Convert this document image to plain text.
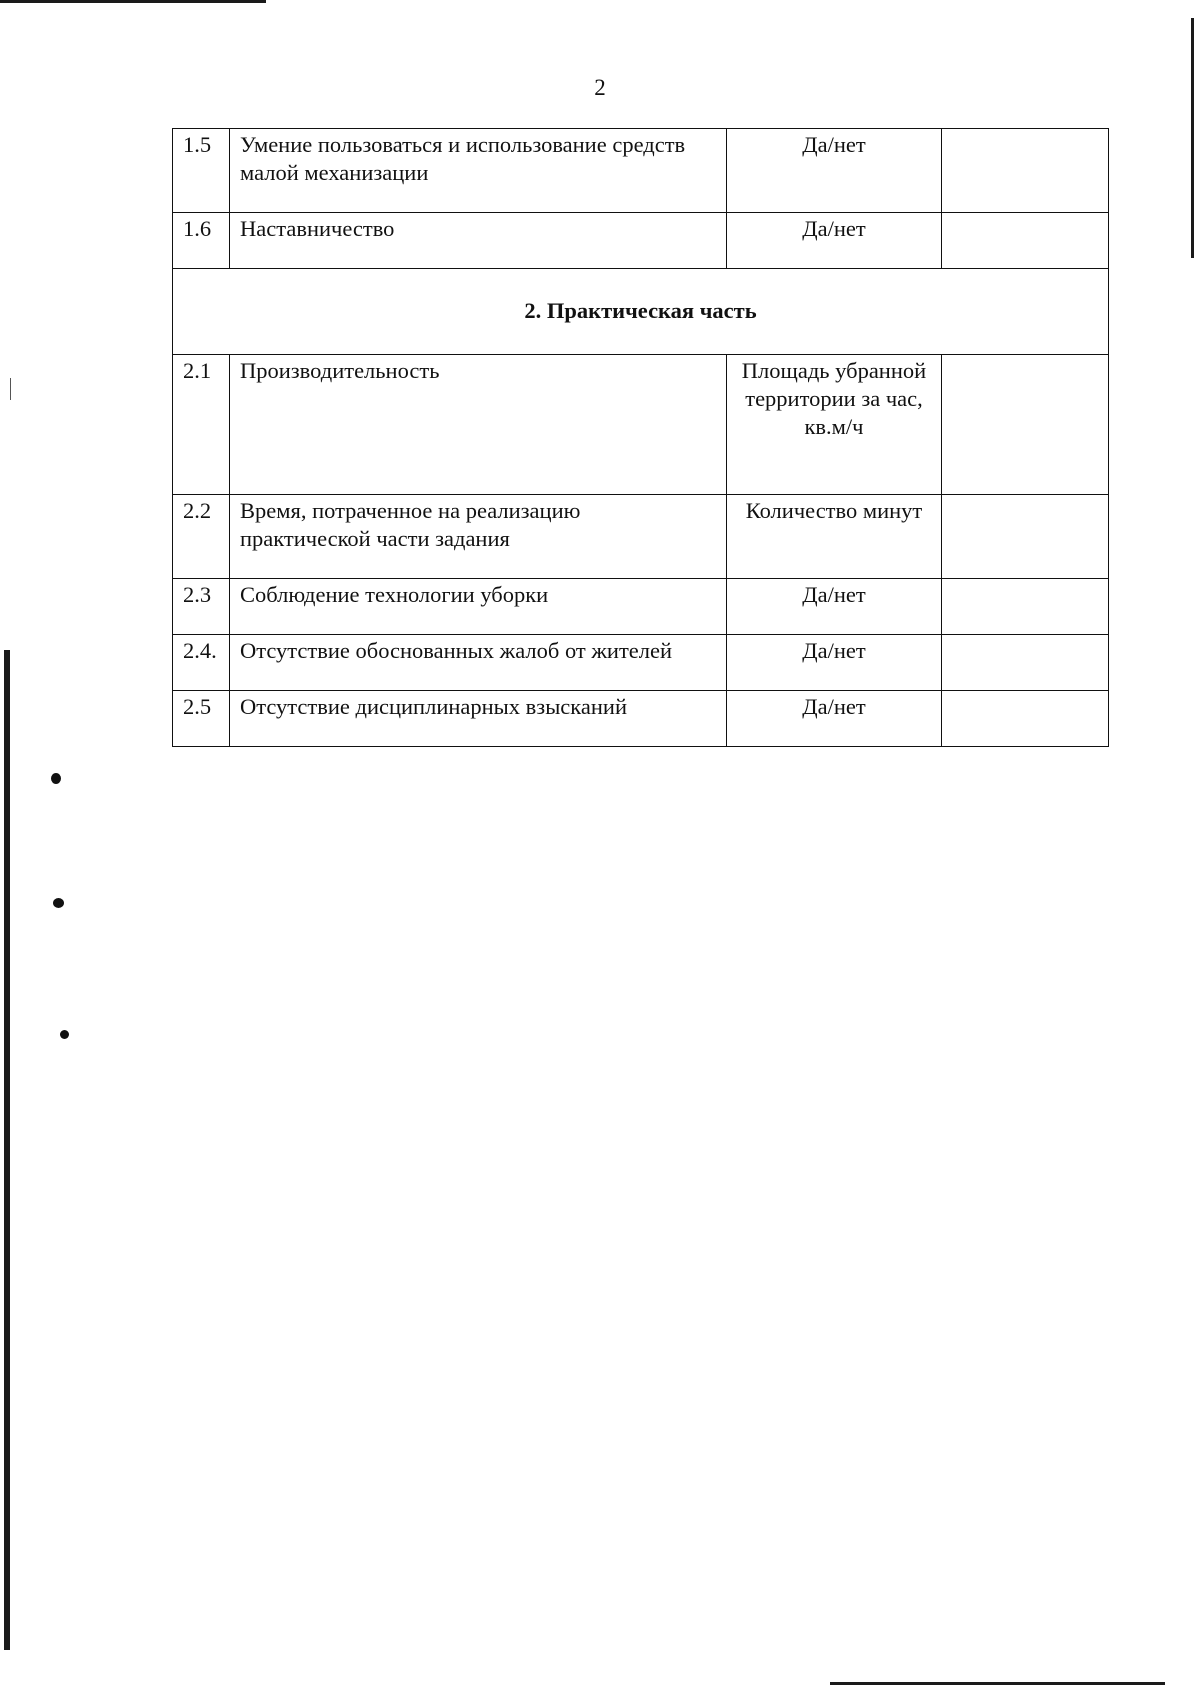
2
1.5	Умение пользоваться и использование средств малой механизации	Да/нет	
1.6	Наставничество	Да/нет	
2. Практическая часть			
2.1	Производительность	Площадь убранной территории за час, кв.м/ч	
2.2	Время, потраченное на реализацию практической части задания	Количество минут	
2.3	Соблюдение технологии уборки	Да/нет	
2.4.	Отсутствие обоснованных жалоб от жителей	Да/нет	
2.5	Отсутствие дисциплинарных взысканий	Да/нет	
